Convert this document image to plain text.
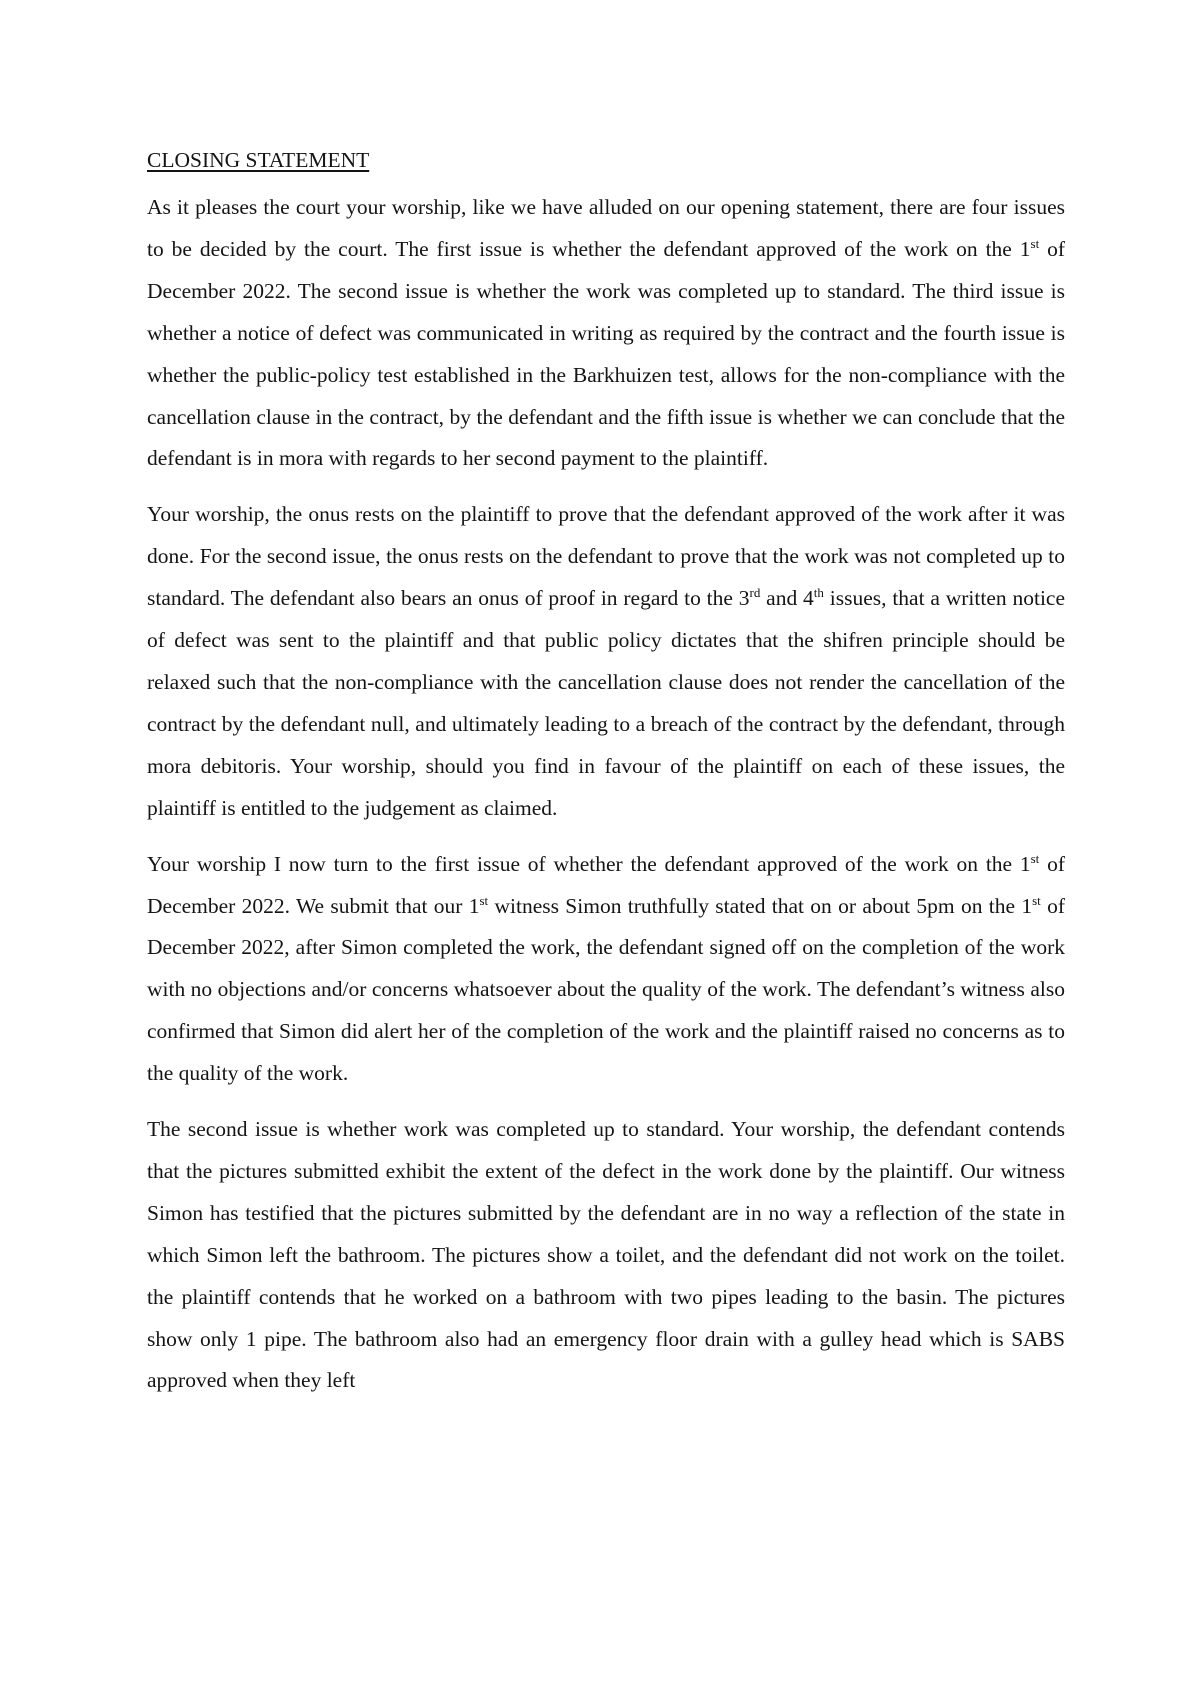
CLOSING STATEMENT

As it pleases the court your worship, like we have alluded on our opening statement, there are four issues to be decided by the court. The first issue is whether the defendant approved of the work on the 1st of December 2022. The second issue is whether the work was completed up to standard. The third issue is whether a notice of defect was communicated in writing as required by the contract and the fourth issue is whether the public-policy test established in the Barkhuizen test, allows for the non-compliance with the cancellation clause in the contract, by the defendant and the fifth issue is whether we can conclude that the defendant is in mora with regards to her second payment to the plaintiff.

Your worship, the onus rests on the plaintiff to prove that the defendant approved of the work after it was done. For the second issue, the onus rests on the defendant to prove that the work was not completed up to standard. The defendant also bears an onus of proof in regard to the 3rd and 4th issues, that a written notice of defect was sent to the plaintiff and that public policy dictates that the shifren principle should be relaxed such that the non-compliance with the cancellation clause does not render the cancellation of the contract by the defendant null, and ultimately leading to a breach of the contract by the defendant, through mora debitoris. Your worship, should you find in favour of the plaintiff on each of these issues, the plaintiff is entitled to the judgement as claimed.

Your worship I now turn to the first issue of whether the defendant approved of the work on the 1st of December 2022. We submit that our 1st witness Simon truthfully stated that on or about 5pm on the 1st of December 2022, after Simon completed the work, the defendant signed off on the completion of the work with no objections and/or concerns whatsoever about the quality of the work. The defendant’s witness also confirmed that Simon did alert her of the completion of the work and the plaintiff raised no concerns as to the quality of the work.

The second issue is whether work was completed up to standard. Your worship, the defendant contends that the pictures submitted exhibit the extent of the defect in the work done by the plaintiff. Our witness Simon has testified that the pictures submitted by the defendant are in no way a reflection of the state in which Simon left the bathroom. The pictures show a toilet, and the defendant did not work on the toilet. the plaintiff contends that he worked on a bathroom with two pipes leading to the basin. The pictures show only 1 pipe. The bathroom also had an emergency floor drain with a gulley head which is SABS approved when they left
